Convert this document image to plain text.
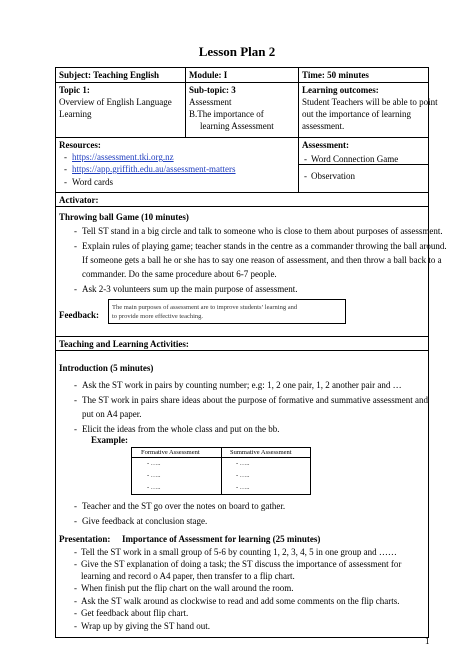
Lesson Plan 2
Subject: Teaching English	Module: I	Time: 50 minutes
Topic 1:
Overview of English Language
Learning
Sub-topic: 3
Assessment
B.The importance of
learning Assessment
Learning outcomes:
Student Teachers will be able to point
out the importance of learning
assessment.
Resources:
- https://assessment.tki.org.nz
- https://app.griffith.edu.au/assessment-matters
- Word cards
Assessment:
- Word Connection Game
- Observation
Activator:
Throwing ball Game (10 minutes)
- Tell ST stand in a big circle and talk to someone who is close to them about purposes of assessment.
- Explain rules of playing game; teacher stands in the centre as a commander throwing the ball around.
If someone gets a ball he or she has to say one reason of assessment, and then throw a ball back to a
commander. Do the same procedure about 6-7 people.
- Ask 2-3 volunteers sum up the main purpose of assessment.
Feedback:
The main purposes of assessment are to improve students’ learning and
to provide more effective teaching.
Teaching and Learning Activities:
Introduction (5 minutes)
- Ask the ST work in pairs by counting number; e.g: 1, 2 one pair, 1, 2 another pair and …
- The ST work in pairs share ideas about the purpose of formative and summative assessment and
put on A4 paper.
- Elicit the ideas from the whole class and put on the bb.
Example:
Formative Assessment	Summative Assessment
- …..	- …..
- …..	- …..
- …..	- …..
- Teacher and the ST go over the notes on board to gather.
- Give feedback at conclusion stage.
Presentation: Importance of Assessment for learning (25 minutes)
- Tell the ST work in a small group of 5-6 by counting 1, 2, 3, 4, 5 in one group and ……
- Give the ST explanation of doing a task; the ST discuss the importance of assessment for
learning and record o A4 paper, then transfer to a flip chart.
- When finish put the flip chart on the wall around the room.
- Ask the ST walk around as clockwise to read and add some comments on the flip charts.
- Get feedback about flip chart.
- Wrap up by giving the ST hand out.
1
